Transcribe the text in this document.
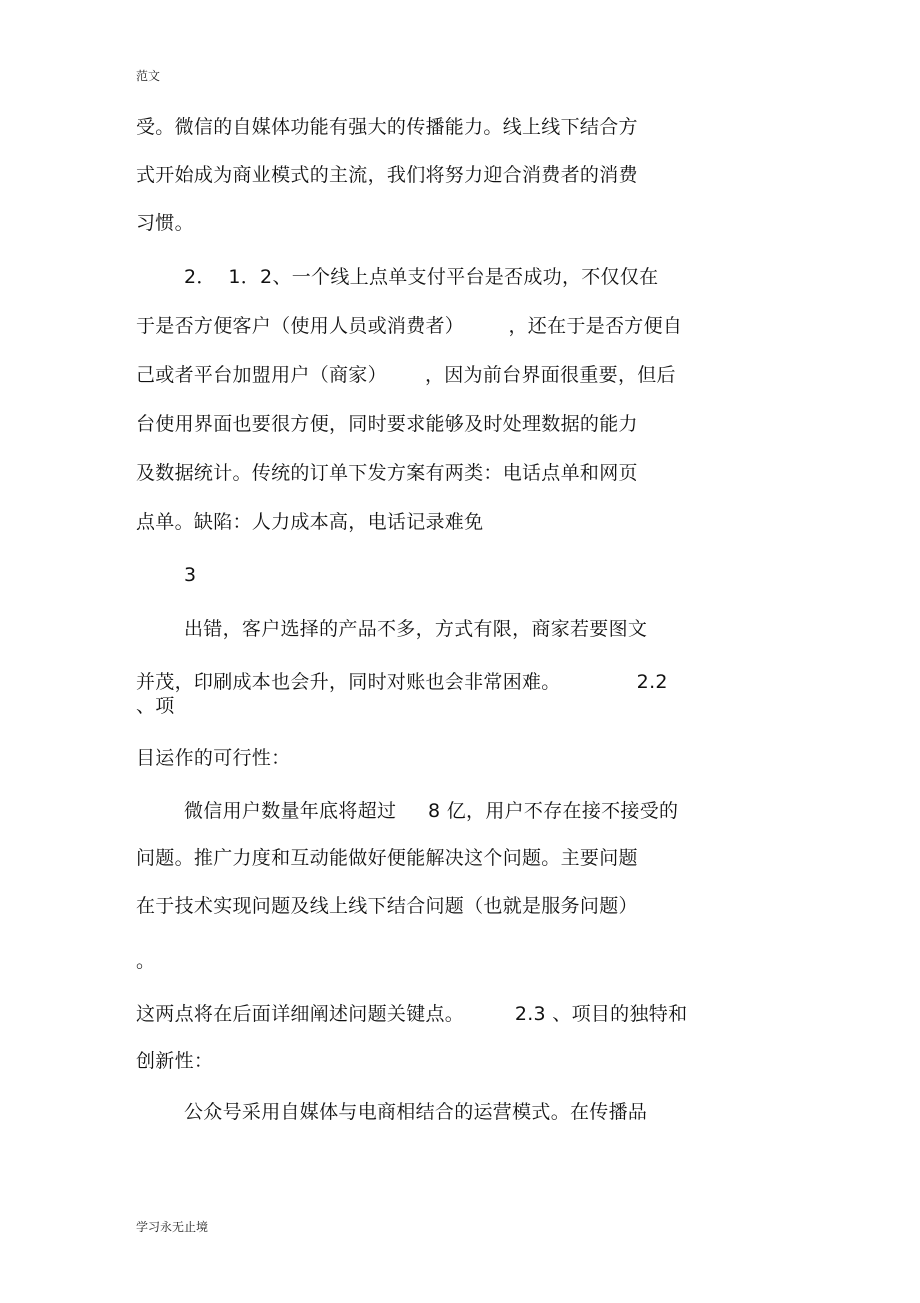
范文
受。微信的自媒体功能有强大的传播能力。线上线下结合方
式开始成为商业模式的主流，我们将努力迎合消费者的消费
习惯。
2．  1．2、一个线上点单支付平台是否成功，不仅仅在
于是否方便客户（使用人员或消费者）       ，还在于是否方便自
己或者平台加盟用户（商家）      ，因为前台界面很重要，但后
台使用界面也要很方便，同时要求能够及时处理数据的能力
及数据统计。传统的订单下发方案有两类：电话点单和网页
点单。缺陷：人力成本高，电话记录难免
3
出错，客户选择的产品不多，方式有限，商家若要图文
并茂，印刷成本也会升，同时对账也会非常困难。            2.2
、项
目运作的可行性：
微信用户数量年底将超过     8 亿，用户不存在接不接受的
问题。推广力度和互动能做好便能解决这个问题。主要问题
在于技术实现问题及线上线下结合问题（也就是服务问题）
。
这两点将在后面详细阐述问题关键点。        2.3 、项目的独特和
创新性：
公众号采用自媒体与电商相结合的运营模式。在传播品
学习永无止境
